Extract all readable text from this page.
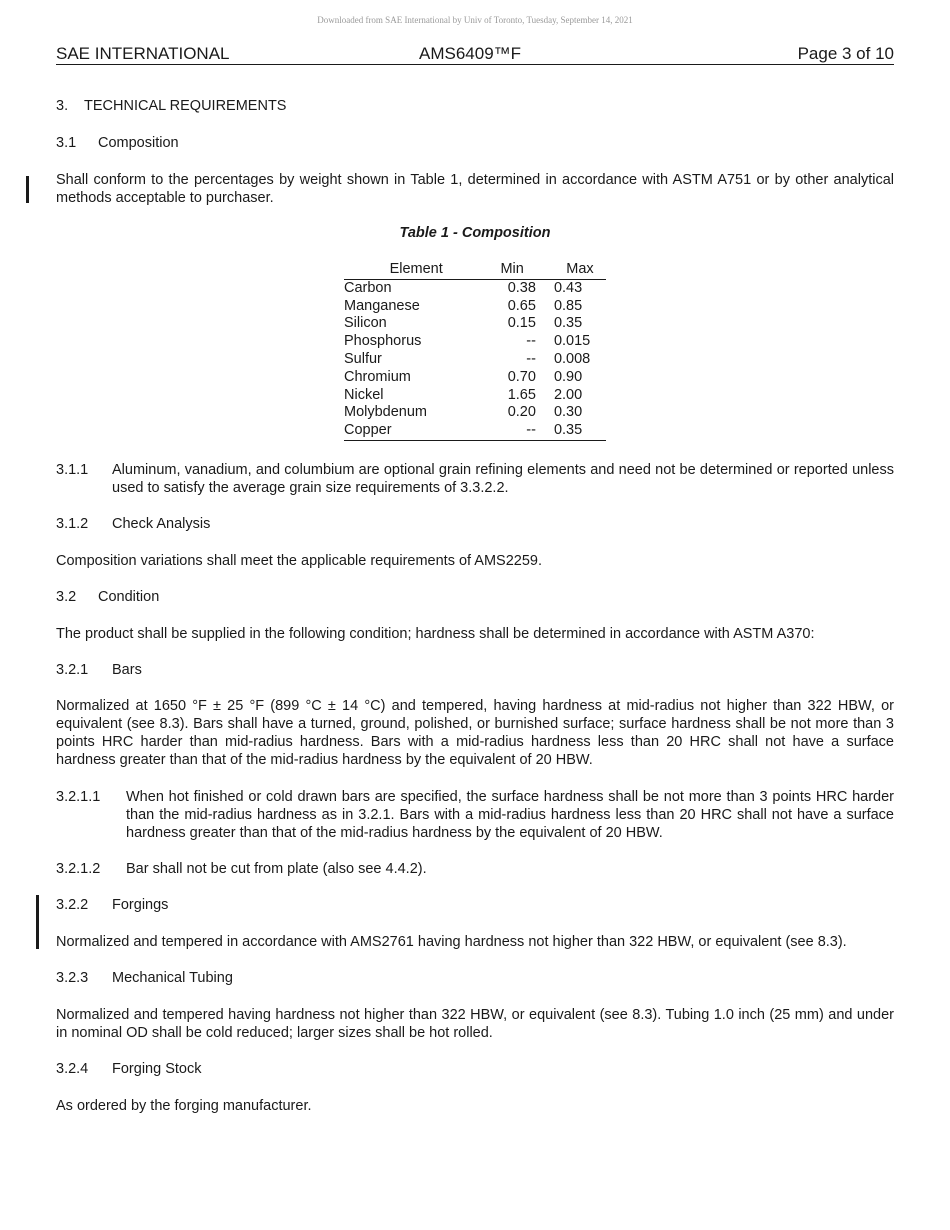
Downloaded from SAE International by Univ of Toronto, Tuesday, September 14, 2021
SAE INTERNATIONAL	AMS6409™F	Page 3 of 10
3. TECHNICAL REQUIREMENTS
3.1 Composition
Shall conform to the percentages by weight shown in Table 1, determined in accordance with ASTM A751 or by other analytical methods acceptable to purchaser.
Table 1 - Composition
Element	Min	Max
Carbon	0.38	0.43
Manganese	0.65	0.85
Silicon	0.15	0.35
Phosphorus	--	0.015
Sulfur	--	0.008
Chromium	0.70	0.90
Nickel	1.65	2.00
Molybdenum	0.20	0.30
Copper	--	0.35
3.1.1 Aluminum, vanadium, and columbium are optional grain refining elements and need not be determined or reported unless used to satisfy the average grain size requirements of 3.3.2.2.
3.1.2 Check Analysis
Composition variations shall meet the applicable requirements of AMS2259.
3.2 Condition
The product shall be supplied in the following condition; hardness shall be determined in accordance with ASTM A370:
3.2.1 Bars
Normalized at 1650 °F ± 25 °F (899 °C ± 14 °C) and tempered, having hardness at mid-radius not higher than 322 HBW, or equivalent (see 8.3). Bars shall have a turned, ground, polished, or burnished surface; surface hardness shall be not more than 3 points HRC harder than mid-radius hardness. Bars with a mid-radius hardness less than 20 HRC shall not have a surface hardness greater than that of the mid-radius hardness by the equivalent of 20 HBW.
3.2.1.1 When hot finished or cold drawn bars are specified, the surface hardness shall be not more than 3 points HRC harder than the mid-radius hardness as in 3.2.1. Bars with a mid-radius hardness less than 20 HRC shall not have a surface hardness greater than that of the mid-radius hardness by the equivalent of 20 HBW.
3.2.1.2 Bar shall not be cut from plate (also see 4.4.2).
3.2.2 Forgings
Normalized and tempered in accordance with AMS2761 having hardness not higher than 322 HBW, or equivalent (see 8.3).
3.2.3 Mechanical Tubing
Normalized and tempered having hardness not higher than 322 HBW, or equivalent (see 8.3). Tubing 1.0 inch (25 mm) and under in nominal OD shall be cold reduced; larger sizes shall be hot rolled.
3.2.4 Forging Stock
As ordered by the forging manufacturer.
